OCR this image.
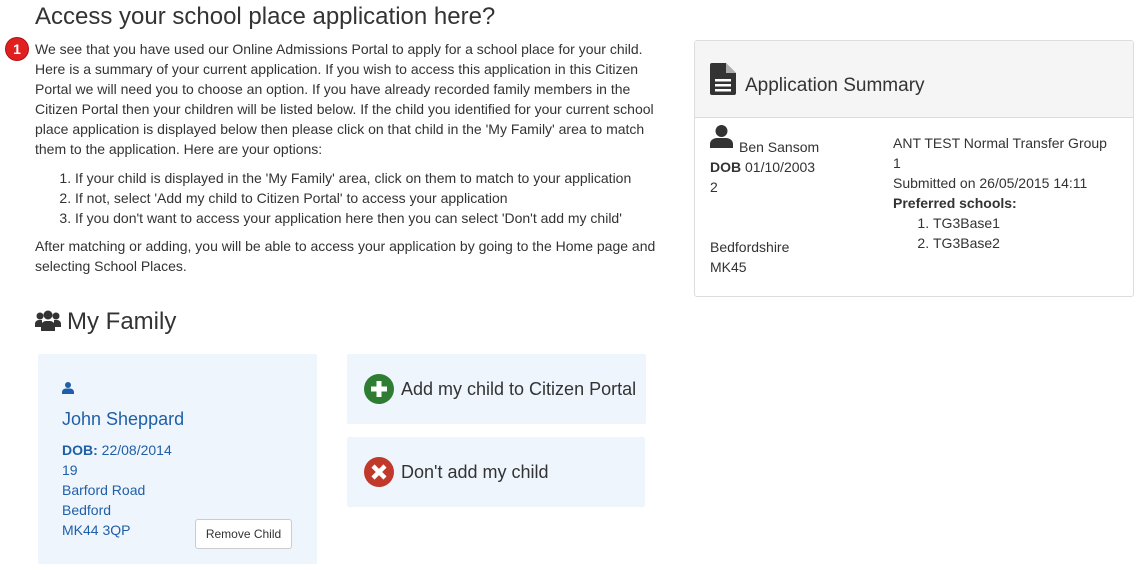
Access your school place application here?
1	We see that you have used our Online Admissions Portal to apply for a school place for your child. Here is a summary of your current application. If you wish to access this application in this Citizen Portal we will need you to choose an option. If you have already recorded family members in the Citizen Portal then your children will be listed below. If the child you identified for your current school place application is displayed below then please click on that child in the 'My Family' area to match them to the application. Here are your options:

1. If your child is displayed in the 'My Family' area, click on them to match to your application
2. If not, select 'Add my child to Citizen Portal' to access your application
3. If you don't want to access your application here then you can select 'Don't add my child'

After matching or adding, you will be able to access your application by going to the Home page and selecting School Places.

Application Summary
Ben Sansom
DOB 01/10/2003
2
Bedfordshire
MK45
ANT TEST Normal Transfer Group
1
Submitted on 26/05/2015 14:11
Preferred schools:
1. TG3Base1
2. TG3Base2
My Family
John Sheppard
DOB: 22/08/2014
19
Barford Road
Bedford
MK44 3QP	Remove Child
Add my child to Citizen Portal
Don't add my child
